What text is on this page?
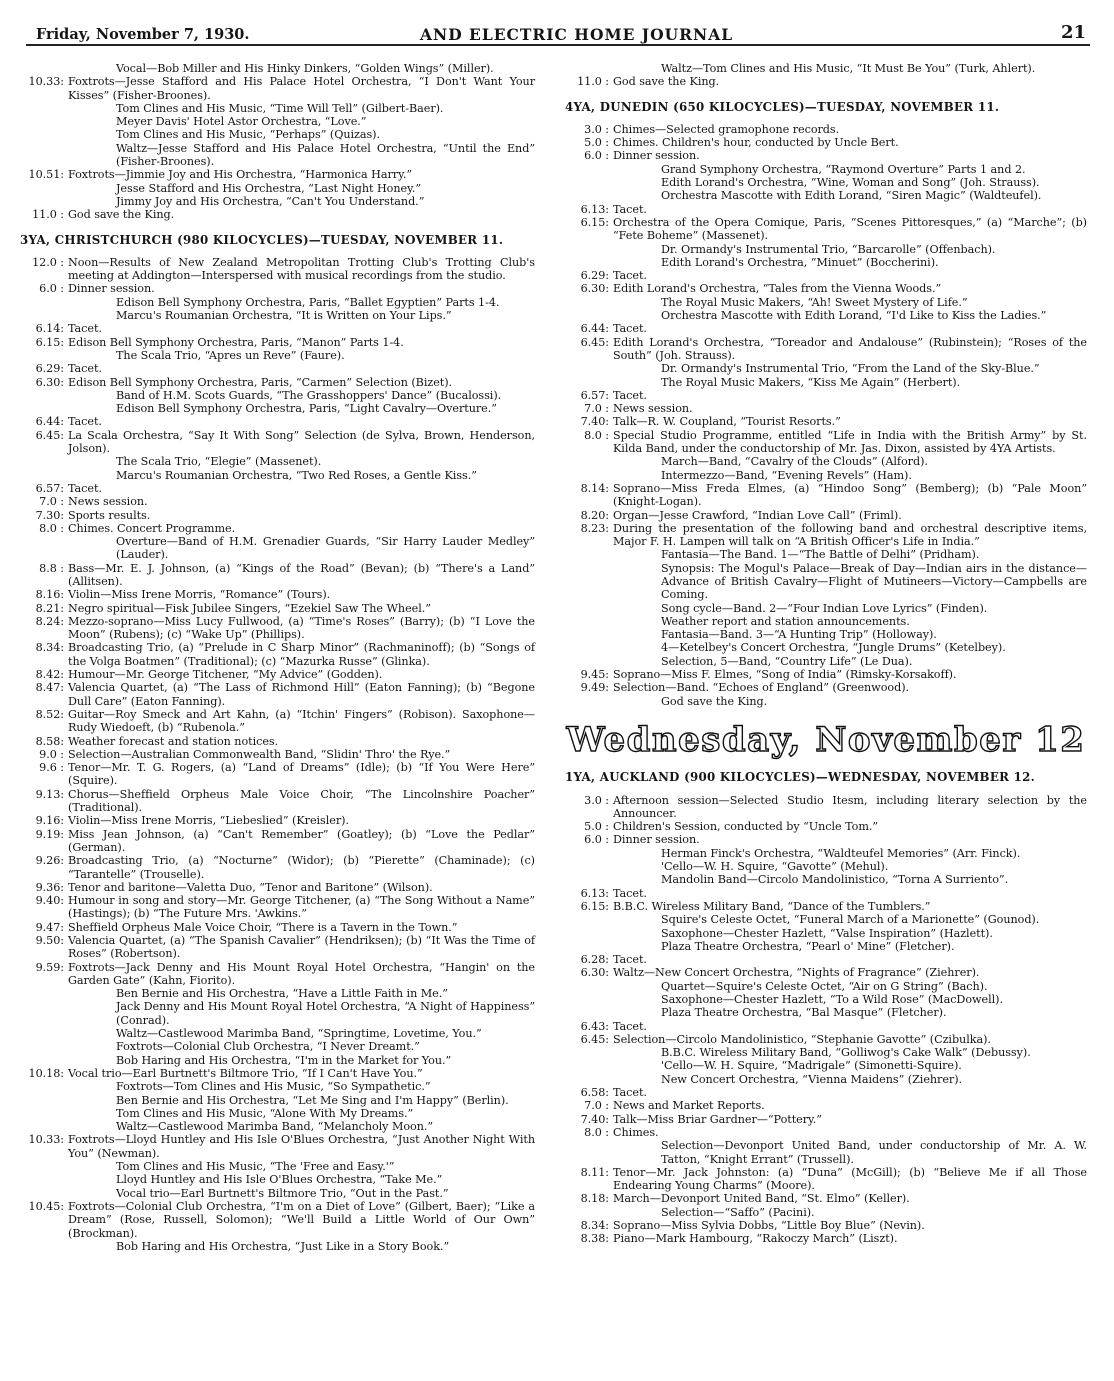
Friday, November 7, 1930.	AND ELECTRIC HOME JOURNAL	21
Vocal—Bob Miller and His Hinky Dinkers, “Golden Wings” (Miller).
10.33: Foxtrots—Jesse Stafford and His Palace Hotel Orchestra, “I Don't Want Your Kisses” (Fisher-Broones).
Tom Clines and His Music, “Time Will Tell” (Gilbert-Baer).
Meyer Davis' Hotel Astor Orchestra, “Love.”
Tom Clines and His Music, “Perhaps” (Quizas).
Waltz—Jesse Stafford and His Palace Hotel Orchestra, “Until the End” (Fisher-Broones).
10.51: Foxtrots—Jimmie Joy and His Orchestra, “Harmonica Harry.”
Jesse Stafford and His Orchestra, “Last Night Honey.”
Jimmy Joy and His Orchestra, “Can't You Understand.”
11.0 : God save the King.
3YA, CHRISTCHURCH (980 KILOCYCLES)—TUESDAY, NOVEMBER 11.
12.0 : Noon—Results of New Zealand Metropolitan Trotting Club's Trotting Club's meeting at Addington—Interspersed with musical recordings from the studio.
6.0 : Dinner session.
Edison Bell Symphony Orchestra, Paris, “Ballet Egyptien” Parts 1-4.
Marcu's Roumanian Orchestra, “It is Written on Your Lips.”
6.14: Tacet.
6.15: Edison Bell Symphony Orchestra, Paris, “Manon” Parts 1-4.
The Scala Trio, “Apres un Reve” (Faure).
6.29: Tacet.
6.30: Edison Bell Symphony Orchestra, Paris, “Carmen” Selection (Bizet).
Band of H.M. Scots Guards, “The Grasshoppers' Dance” (Bucalossi).
Edison Bell Symphony Orchestra, Paris, “Light Cavalry—Overture.”
6.44: Tacet.
6.45: La Scala Orchestra, “Say It With Song” Selection (de Sylva, Brown, Henderson, Jolson).
The Scala Trio, “Elegie” (Massenet).
Marcu's Roumanian Orchestra, “Two Red Roses, a Gentle Kiss.”
6.57: Tacet.
7.0 : News session.
7.30: Sports results.
8.0 : Chimes. Concert Programme.
Overture—Band of H.M. Grenadier Guards, “Sir Harry Lauder Medley” (Lauder).
8.8 : Bass—Mr. E. J. Johnson, (a) “Kings of the Road” (Bevan); (b) “There's a Land” (Allitsen).
8.16: Violin—Miss Irene Morris, “Romance” (Tours).
8.21: Negro spiritual—Fisk Jubilee Singers, “Ezekiel Saw The Wheel.”
8.24: Mezzo-soprano—Miss Lucy Fullwood, (a) “Time's Roses” (Barry); (b) “I Love the Moon” (Rubens); (c) “Wake Up” (Phillips).
8.34: Broadcasting Trio, (a) “Prelude in C Sharp Minor” (Rachmaninoff); (b) “Songs of the Volga Boatmen” (Traditional); (c) “Mazurka Russe” (Glinka).
8.42: Humour—Mr. George Titchener, “My Advice” (Godden).
8.47: Valencia Quartet, (a) “The Lass of Richmond Hill” (Eaton Fanning); (b) “Begone Dull Care” (Eaton Fanning).
8.52: Guitar—Roy Smeck and Art Kahn, (a) “Itchin' Fingers” (Robison). Saxophone—Rudy Wiedoeft, (b) “Rubenola.”
8.58: Weather forecast and station notices.
9.0 : Selection—Australian Commonwealth Band, “Slidin' Thro' the Rye.”
9.6 : Tenor—Mr. T. G. Rogers, (a) “Land of Dreams” (Idle); (b) “If You Were Here” (Squire).
9.13: Chorus—Sheffield Orpheus Male Voice Choir, “The Lincolnshire Poacher” (Traditional).
9.16: Violin—Miss Irene Morris, “Liebeslied” (Kreisler).
9.19: Miss Jean Johnson, (a) “Can't Remember” (Goatley); (b) “Love the Pedlar” (German).
9.26: Broadcasting Trio, (a) “Nocturne” (Widor); (b) “Pierette” (Chaminade); (c) “Tarantelle” (Trouselle).
9.36: Tenor and baritone—Valetta Duo, “Tenor and Baritone” (Wilson).
9.40: Humour in song and story—Mr. George Titchener, (a) “The Song Without a Name” (Hastings); (b) “The Future Mrs. 'Awkins.”
9.47: Sheffield Orpheus Male Voice Choir, “There is a Tavern in the Town.”
9.50: Valencia Quartet, (a) “The Spanish Cavalier” (Hendriksen); (b) “It Was the Time of Roses” (Robertson).
9.59: Foxtrots—Jack Denny and His Mount Royal Hotel Orchestra, “Hangin' on the Garden Gate” (Kahn, Fiorito).
Ben Bernie and His Orchestra, “Have a Little Faith in Me.”
Jack Denny and His Mount Royal Hotel Orchestra, “A Night of Happiness” (Conrad).
Waltz—Castlewood Marimba Band, “Springtime, Lovetime, You.”
Foxtrots—Colonial Club Orchestra, “I Never Dreamt.”
Bob Haring and His Orchestra, “I'm in the Market for You.”
10.18: Vocal trio—Earl Burtnett's Biltmore Trio, “If I Can't Have You.”
Foxtrots—Tom Clines and His Music, “So Sympathetic.”
Ben Bernie and His Orchestra, “Let Me Sing and I'm Happy” (Berlin).
Tom Clines and His Music, “Alone With My Dreams.”
Waltz—Castlewood Marimba Band, “Melancholy Moon.”
10.33: Foxtrots—Lloyd Huntley and His Isle O'Blues Orchestra, “Just Another Night With You” (Newman).
Tom Clines and His Music, “The 'Free and Easy.'”
Lloyd Huntley and His Isle O'Blues Orchestra, “Take Me.”
Vocal trio—Earl Burtnett's Biltmore Trio, “Out in the Past.”
10.45: Foxtrots—Colonial Club Orchestra, “I'm on a Diet of Love” (Gilbert, Baer); “Like a Dream” (Rose, Russell, Solomon); “We'll Build a Little World of Our Own” (Brockman).
Bob Haring and His Orchestra, “Just Like in a Story Book.”
Waltz—Tom Clines and His Music, “It Must Be You” (Turk, Ahlert).
11.0 : God save the King.
4YA, DUNEDIN (650 KILOCYCLES)—TUESDAY, NOVEMBER 11.
3.0 : Chimes—Selected gramophone records.
5.0 : Chimes. Children's hour, conducted by Uncle Bert.
6.0 : Dinner session.
Grand Symphony Orchestra, “Raymond Overture” Parts 1 and 2.
Edith Lorand's Orchestra, “Wine, Woman and Song” (Joh. Strauss).
Orchestra Mascotte with Edith Lorand, “Siren Magic” (Waldteufel).
6.13: Tacet.
6.15: Orchestra of the Opera Comique, Paris, “Scenes Pittoresques,” (a) “Marche”; (b) “Fete Boheme” (Massenet).
Dr. Ormandy's Instrumental Trio, “Barcarolle” (Offenbach).
Edith Lorand's Orchestra, “Minuet” (Boccherini).
6.29: Tacet.
6.30: Edith Lorand's Orchestra, “Tales from the Vienna Woods.”
The Royal Music Makers, “Ah! Sweet Mystery of Life.”
Orchestra Mascotte with Edith Lorand, “I'd Like to Kiss the Ladies.”
6.44: Tacet.
6.45: Edith Lorand's Orchestra, “Toreador and Andalouse” (Rubinstein); “Roses of the South” (Joh. Strauss).
Dr. Ormandy's Instrumental Trio, “From the Land of the Sky-Blue.”
The Royal Music Makers, “Kiss Me Again” (Herbert).
6.57: Tacet.
7.0 : News session.
7.40: Talk—R. W. Coupland, “Tourist Resorts.”
8.0 : Special Studio Programme, entitled “Life in India with the British Army” by St. Kilda Band, under the conductorship of Mr. Jas. Dixon, assisted by 4YA Artists.
March—Band, “Cavalry of the Clouds” (Alford).
Intermezzo—Band, “Evening Revels” (Ham).
8.14: Soprano—Miss Freda Elmes, (a) “Hindoo Song” (Bemberg); (b) “Pale Moon” (Knight-Logan).
8.20: Organ—Jesse Crawford, “Indian Love Call” (Friml).
8.23: During the presentation of the following band and orchestral descriptive items, Major F. H. Lampen will talk on “A British Officer's Life in India.”
Fantasia—The Band. 1—“The Battle of Delhi” (Pridham).
Synopsis: The Mogul's Palace—Break of Day—Indian airs in the distance—Advance of British Cavalry—Flight of Mutineers—Victory—Campbells are Coming.
Song cycle—Band. 2—“Four Indian Love Lyrics” (Finden).
Weather report and station announcements.
Fantasia—Band. 3—“A Hunting Trip” (Holloway).
4—Ketelbey's Concert Orchestra, “Jungle Drums” (Ketelbey).
Selection, 5—Band, “Country Life” (Le Dua).
9.45: Soprano—Miss F. Elmes, “Song of India” (Rimsky-Korsakoff).
9.49: Selection—Band. “Echoes of England” (Greenwood).
God save the King.
Wednesday, November 12
1YA, AUCKLAND (900 KILOCYCLES)—WEDNESDAY, NOVEMBER 12.
3.0 : Afternoon session—Selected Studio Itesm, including literary selection by the Announcer.
5.0 : Children's Session, conducted by “Uncle Tom.”
6.0 : Dinner session.
Herman Finck's Orchestra, “Waldteufel Memories” (Arr. Finck).
'Cello—W. H. Squire, “Gavotte” (Mehul).
Mandolin Band—Circolo Mandolinistico, “Torna A Surriento”.
6.13: Tacet.
6.15: B.B.C. Wireless Military Band, “Dance of the Tumblers.”
Squire's Celeste Octet, “Funeral March of a Marionette” (Gounod).
Saxophone—Chester Hazlett, “Valse Inspiration” (Hazlett).
Plaza Theatre Orchestra, “Pearl o' Mine” (Fletcher).
6.28: Tacet.
6.30: Waltz—New Concert Orchestra, “Nights of Fragrance” (Ziehrer).
Quartet—Squire's Celeste Octet, “Air on G String” (Bach).
Saxophone—Chester Hazlett, “To a Wild Rose” (MacDowell).
Plaza Theatre Orchestra, “Bal Masque” (Fletcher).
6.43: Tacet.
6.45: Selection—Circolo Mandolinistico, “Stephanie Gavotte” (Czibulka).
B.B.C. Wireless Military Band, “Golliwog's Cake Walk” (Debussy).
'Cello—W. H. Squire, “Madrigale” (Simonetti-Squire).
New Concert Orchestra, “Vienna Maidens” (Ziehrer).
6.58: Tacet.
7.0 : News and Market Reports.
7.40: Talk—Miss Briar Gardner—“Pottery.”
8.0 : Chimes.
Selection—Devonport United Band, under conductorship of Mr. A. W. Tatton, “Knight Errant” (Trussell).
8.11: Tenor—Mr. Jack Johnston: (a) “Duna” (McGill); (b) “Believe Me if all Those Endearing Young Charms” (Moore).
8.18: March—Devonport United Band, “St. Elmo” (Keller).
Selection—“Saffo” (Pacini).
8.34: Soprano—Miss Sylvia Dobbs, “Little Boy Blue” (Nevin).
8.38: Piano—Mark Hambourg, “Rakoczy March” (Liszt).
